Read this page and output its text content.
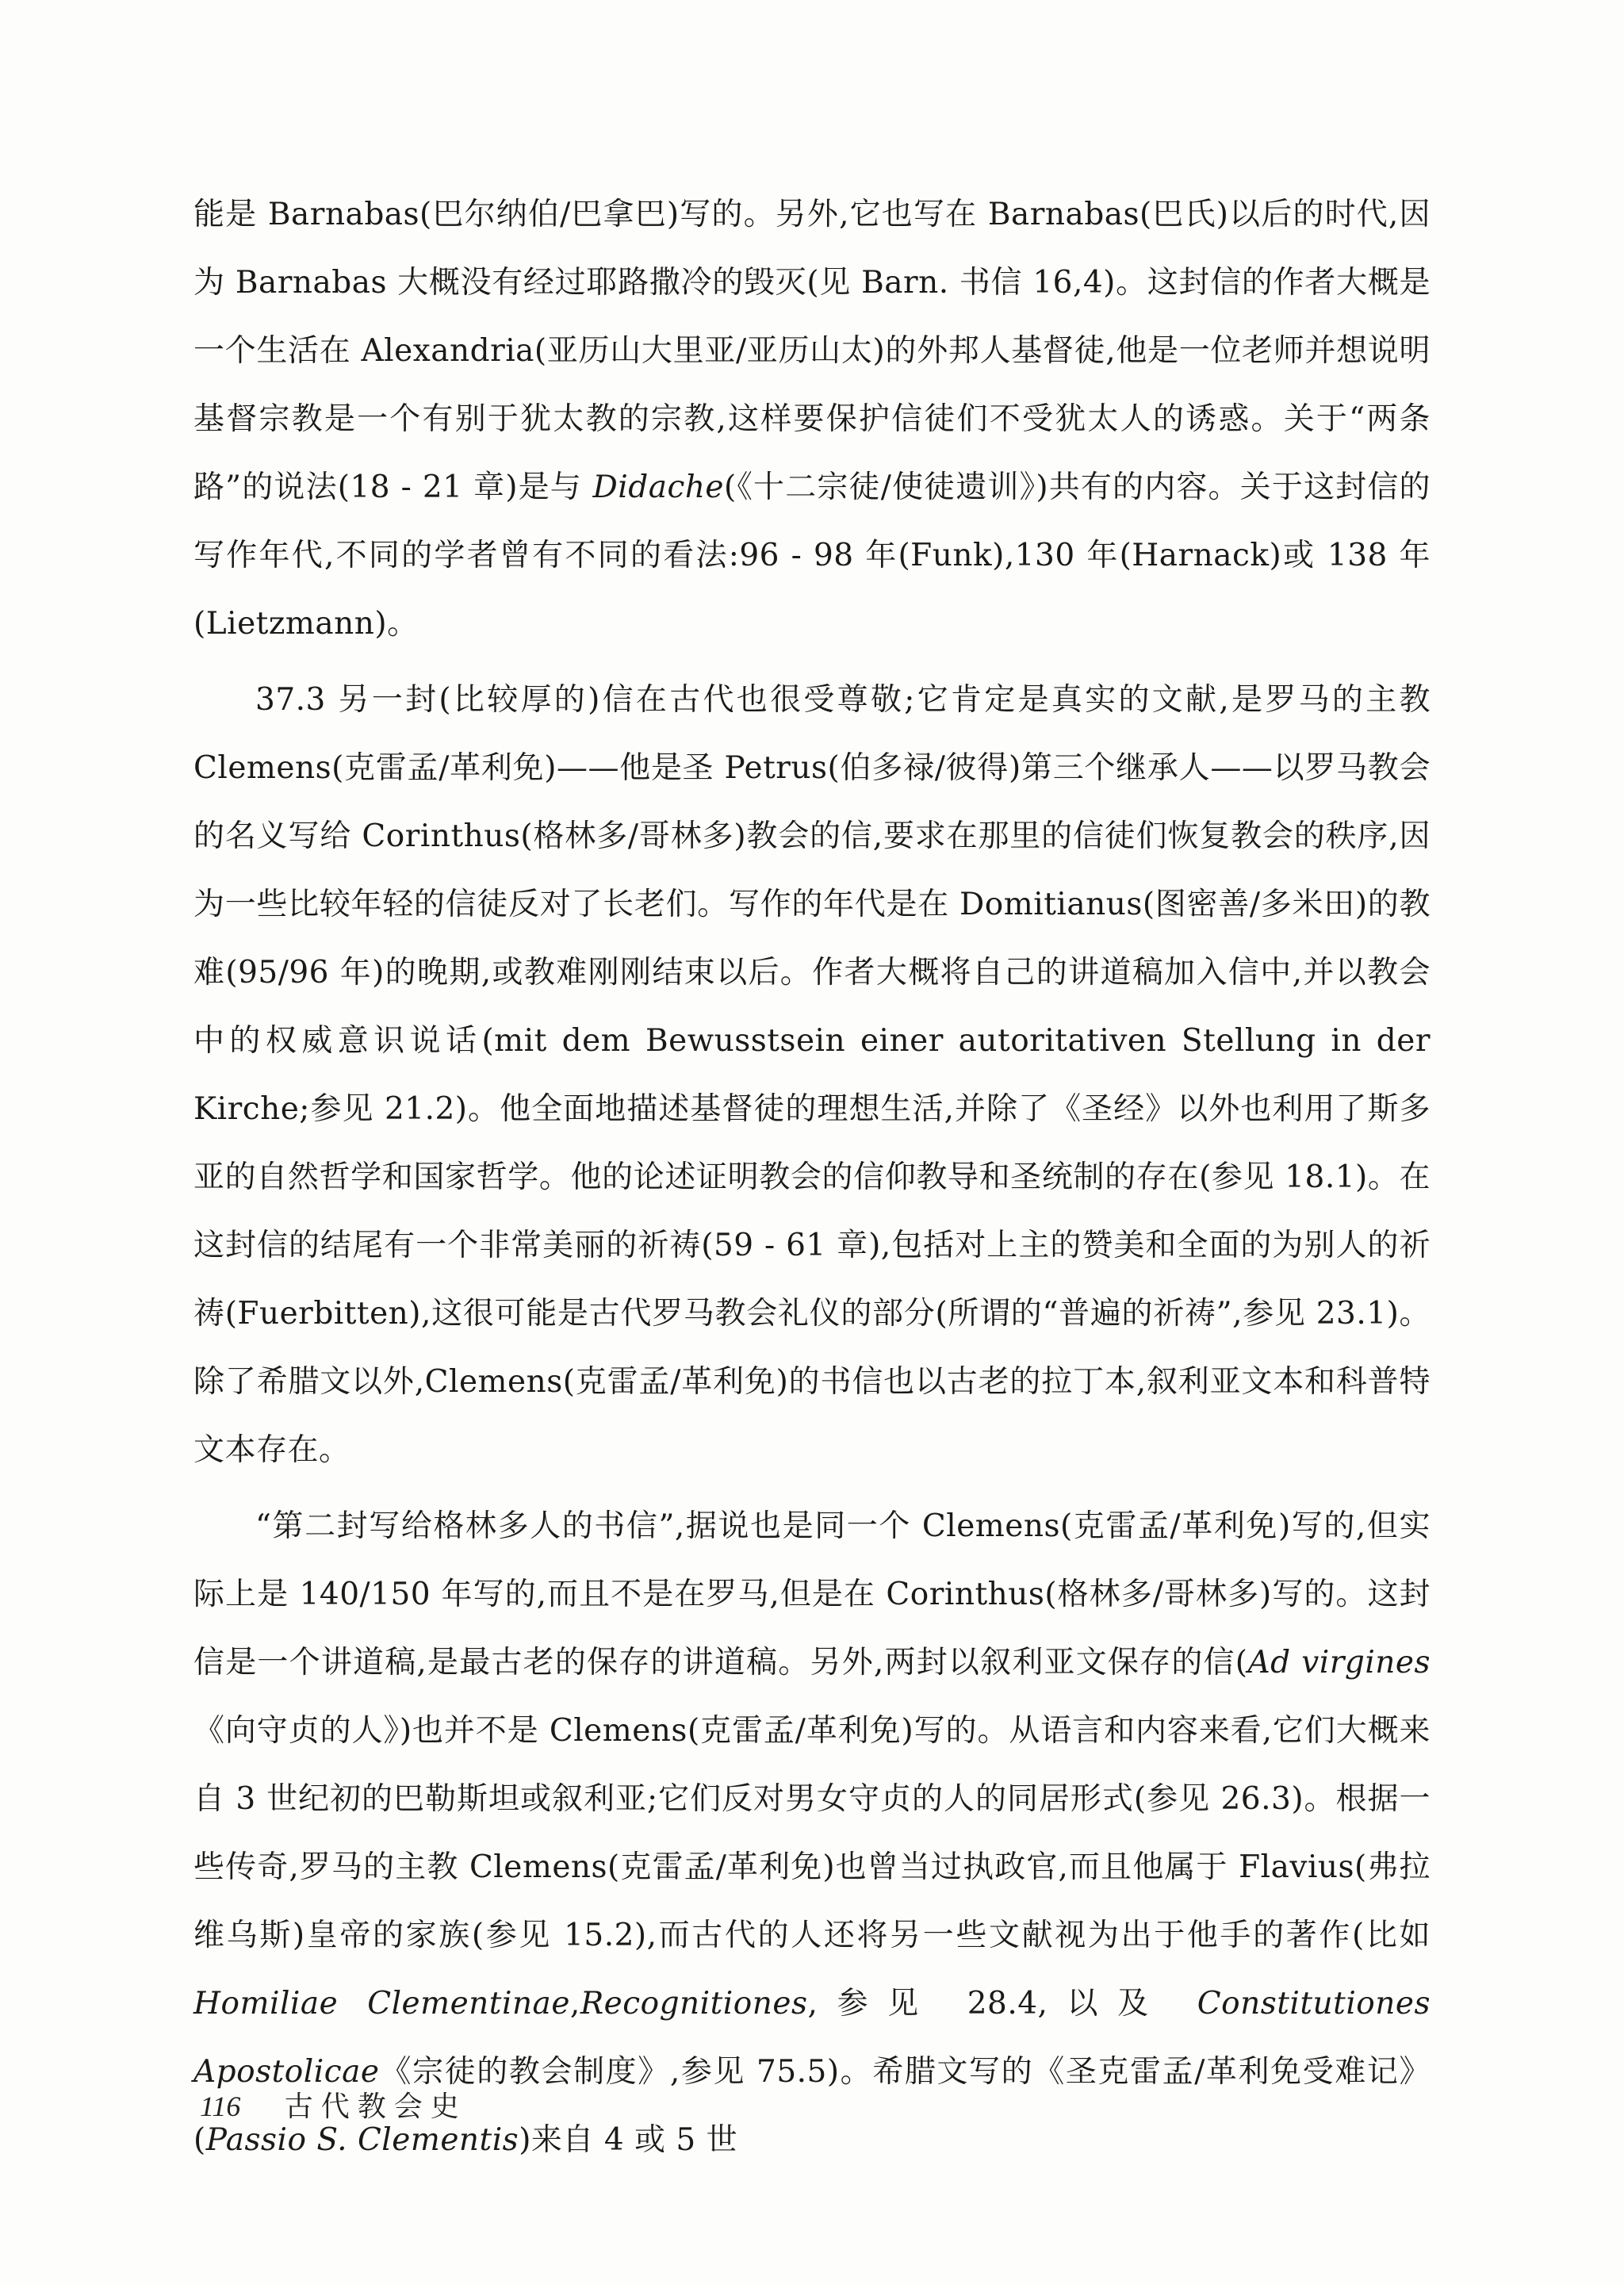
能是 Barnabas(巴尔纳伯/巴拿巴)写的。另外,它也写在 Barnabas(巴氏)以后的时代,因为 Barnabas 大概没有经过耶路撒冷的毁灭(见 Barn. 书信 16,4)。这封信的作者大概是一个生活在 Alexandria(亚历山大里亚/亚历山太)的外邦人基督徒,他是一位老师并想说明基督宗教是一个有别于犹太教的宗教,这样要保护信徒们不受犹太人的诱惑。关于“两条路”的说法(18 - 21 章)是与 Didache(《十二宗徒/使徒遗训》)共有的内容。关于这封信的写作年代,不同的学者曾有不同的看法:96 - 98 年(Funk),130 年(Harnack)或 138 年(Lietzmann)。

37.3 另一封(比较厚的)信在古代也很受尊敬;它肯定是真实的文献,是罗马的主教 Clemens(克雷孟/革利免)——他是圣 Petrus(伯多禄/彼得)第三个继承人——以罗马教会的名义写给 Corinthus(格林多/哥林多)教会的信,要求在那里的信徒们恢复教会的秩序,因为一些比较年轻的信徒反对了长老们。写作的年代是在 Domitianus(图密善/多米田)的教难(95/96 年)的晚期,或教难刚刚结束以后。作者大概将自己的讲道稿加入信中,并以教会中的权威意识说话(mit dem Bewusstsein einer autoritativen Stellung in der Kirche;参见 21.2)。他全面地描述基督徒的理想生活,并除了《圣经》以外也利用了斯多亚的自然哲学和国家哲学。他的论述证明教会的信仰教导和圣统制的存在(参见 18.1)。在这封信的结尾有一个非常美丽的祈祷(59 - 61 章),包括对上主的赞美和全面的为别人的祈祷(Fuerbitten),这很可能是古代罗马教会礼仪的部分(所谓的“普遍的祈祷”,参见 23.1)。除了希腊文以外,Clemens(克雷孟/革利免)的书信也以古老的拉丁本,叙利亚文本和科普特文本存在。

“第二封写给格林多人的书信”,据说也是同一个 Clemens(克雷孟/革利免)写的,但实际上是 140/150 年写的,而且不是在罗马,但是在 Corinthus(格林多/哥林多)写的。这封信是一个讲道稿,是最古老的保存的讲道稿。另外,两封以叙利亚文保存的信(Ad virgines《向守贞的人》)也并不是 Clemens(克雷孟/革利免)写的。从语言和内容来看,它们大概来自 3 世纪初的巴勒斯坦或叙利亚;它们反对男女守贞的人的同居形式(参见 26.3)。根据一些传奇,罗马的主教 Clemens(克雷孟/革利免)也曾当过执政官,而且他属于 Flavius(弗拉维乌斯)皇帝的家族(参见 15.2),而古代的人还将另一些文献视为出于他手的著作(比如 Homiliae Clementinae,Recognitiones,参见 28.4,以及 Constitutiones Apostolicae《宗徒的教会制度》,参见 75.5)。希腊文写的《圣克雷孟/革利免受难记》(Passio S. Clementis)来自 4 或 5 世

116 古代教会史
